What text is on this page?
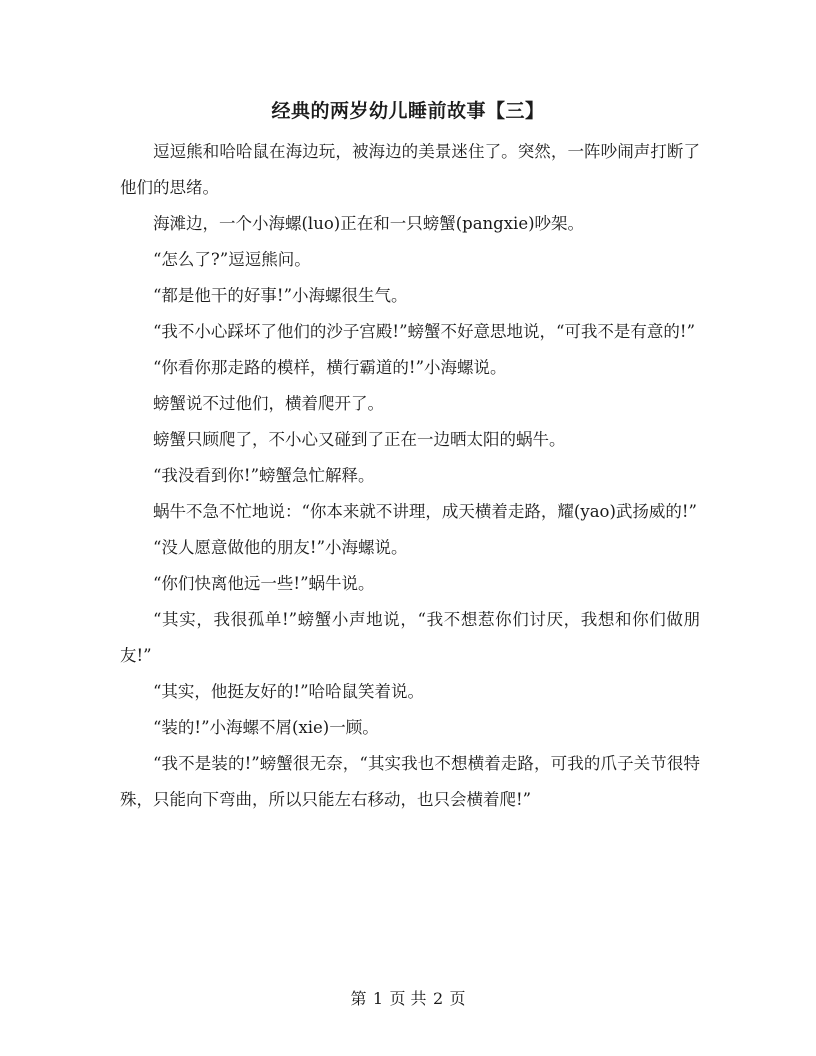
经典的两岁幼儿睡前故事【三】

逗逗熊和哈哈鼠在海边玩，被海边的美景迷住了。突然，一阵吵闹声打断了他们的思绪。

海滩边，一个小海螺(luo)正在和一只螃蟹(pangxie)吵架。

“怎么了?”逗逗熊问。

“都是他干的好事!”小海螺很生气。

“我不小心踩坏了他们的沙子宫殿!”螃蟹不好意思地说，“可我不是有意的!”

“你看你那走路的模样，横行霸道的!”小海螺说。

螃蟹说不过他们，横着爬开了。

螃蟹只顾爬了，不小心又碰到了正在一边晒太阳的蜗牛。

“我没看到你!”螃蟹急忙解释。

蜗牛不急不忙地说：“你本来就不讲理，成天横着走路，耀(yao)武扬威的!”

“没人愿意做他的朋友!”小海螺说。

“你们快离他远一些!”蜗牛说。

“其实，我很孤单!”螃蟹小声地说，“我不想惹你们讨厌，我想和你们做朋友!”

“其实，他挺友好的!”哈哈鼠笑着说。

“装的!”小海螺不屑(xie)一顾。

“我不是装的!”螃蟹很无奈，“其实我也不想横着走路，可我的爪子关节很特殊，只能向下弯曲，所以只能左右移动，也只会横着爬!”

第 1 页 共 2 页
